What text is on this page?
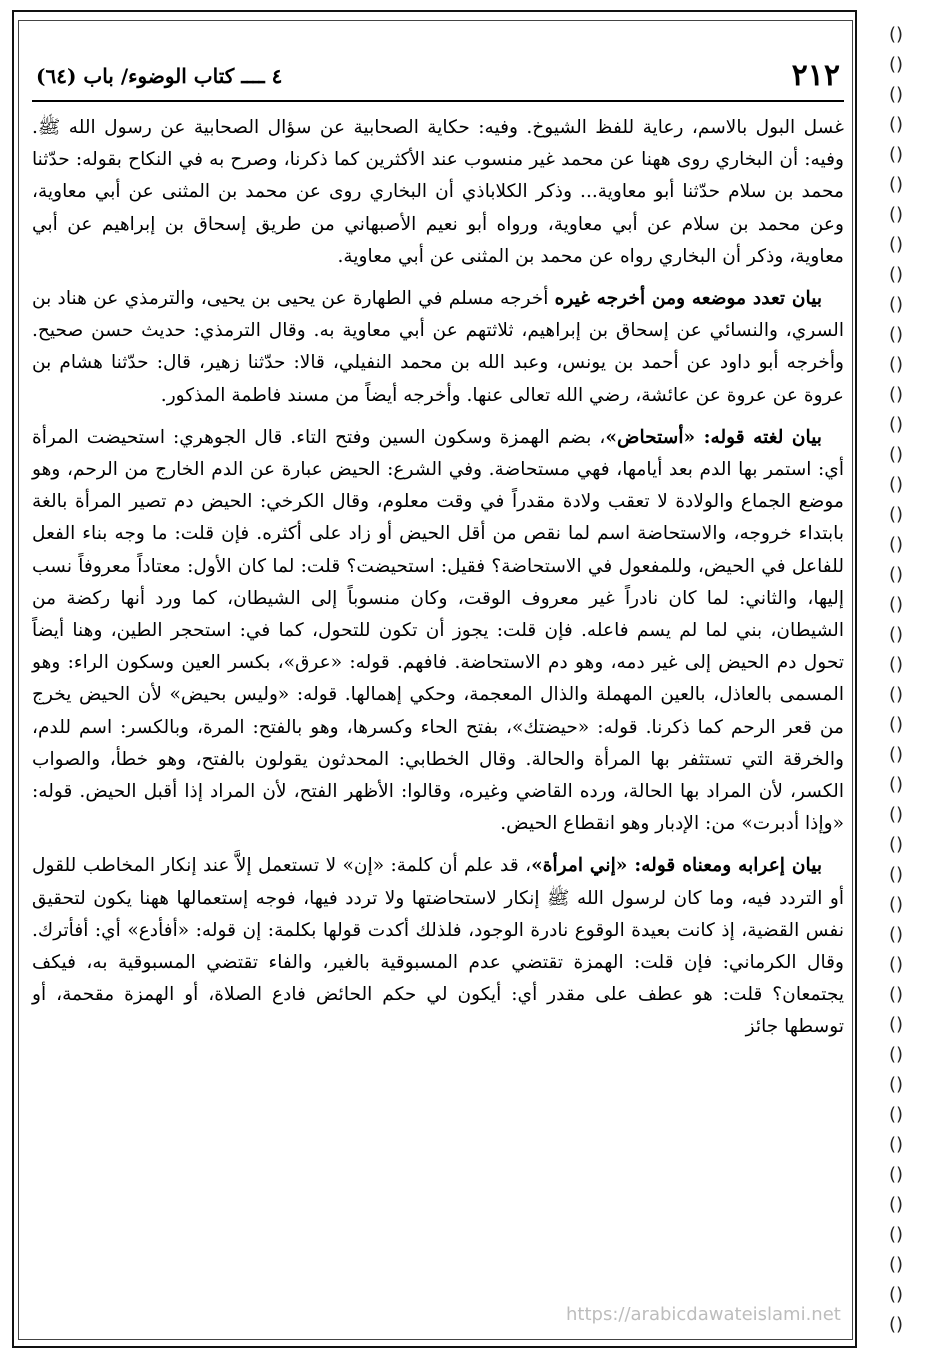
()
()
()
()
()
()
()
()
()
()
()
()
()
()
()
()
()
()
()
()
()
()
()
()
()
()
()
()
()
()
()
()
()
()
()
()
()
()
()
()
()
()
()
()
٢١٢
٤ ــــ كتاب الوضوء/ باب (٦٤)

غسل البول بالاسم، رعاية للفظ الشيوخ. وفيه: حكاية الصحابية عن سؤال الصحابية عن رسول الله ﷺ. وفيه: أن البخاري روى ههنا عن محمد غير منسوب عند الأكثرين كما ذكرنا، وصرح به في النكاح بقوله: حدّثنا محمد بن سلام حدّثنا أبو معاوية... وذكر الكلاباذي أن البخاري روى عن محمد بن المثنى عن أبي معاوية، وعن محمد بن سلام عن أبي معاوية، ورواه أبو نعيم الأصبهاني من طريق إسحاق بن إبراهيم عن أبي معاوية، وذكر أن البخاري رواه عن محمد بن المثنى عن أبي معاوية.

بيان تعدد موضعه ومن أخرجه غيره أخرجه مسلم في الطهارة عن يحيى بن يحيى، والترمذي عن هناد بن السري، والنسائي عن إسحاق بن إبراهيم، ثلاثتهم عن أبي معاوية به. وقال الترمذي: حديث حسن صحيح. وأخرجه أبو داود عن أحمد بن يونس، وعبد الله بن محمد النفيلي، قالا: حدّثنا زهير، قال: حدّثنا هشام بن عروة عن عروة عن عائشة، رضي الله تعالى عنها. وأخرجه أيضاً من مسند فاطمة المذكور.

بيان لغته قوله: «أستحاض»، بضم الهمزة وسكون السين وفتح التاء. قال الجوهري: استحيضت المرأة أي: استمر بها الدم بعد أيامها، فهي مستحاضة. وفي الشرع: الحيض عبارة عن الدم الخارج من الرحم، وهو موضع الجماع والولادة لا تعقب ولادة مقدراً في وقت معلوم، وقال الكرخي: الحيض دم تصير المرأة بالغة بابتداء خروجه، والاستحاضة اسم لما نقص من أقل الحيض أو زاد على أكثره. فإن قلت: ما وجه بناء الفعل للفاعل في الحيض، وللمفعول في الاستحاضة؟ فقيل: استحيضت؟ قلت: لما كان الأول: معتاداً معروفاً نسب إليها، والثاني: لما كان نادراً غير معروف الوقت، وكان منسوباً إلى الشيطان، كما ورد أنها ركضة من الشيطان، بني لما لم يسم فاعله. فإن قلت: يجوز أن تكون للتحول، كما في: استحجر الطين، وهنا أيضاً تحول دم الحيض إلى غير دمه، وهو دم الاستحاضة. فافهم. قوله: «عرق»، بكسر العين وسكون الراء: وهو المسمى بالعاذل، بالعين المهملة والذال المعجمة، وحكي إهمالها. قوله: «وليس بحيض» لأن الحيض يخرج من قعر الرحم كما ذكرنا. قوله: «حيضتك»، بفتح الحاء وكسرها، وهو بالفتح: المرة، وبالكسر: اسم للدم، والخرقة التي تستثفر بها المرأة والحالة. وقال الخطابي: المحدثون يقولون بالفتح، وهو خطأ، والصواب الكسر، لأن المراد بها الحالة، ورده القاضي وغيره، وقالوا: الأظهر الفتح، لأن المراد إذا أقبل الحيض. قوله: «وإذا أدبرت» من: الإدبار وهو انقطاع الحيض.

بيان إعرابه ومعناه قوله: «إني امرأة»، قد علم أن كلمة: «إن» لا تستعمل إلاَّ عند إنكار المخاطب للقول أو التردد فيه، وما كان لرسول الله ﷺ إنكار لاستحاضتها ولا تردد فيها، فوجه إستعمالها ههنا يكون لتحقيق نفس القضية، إذ كانت بعيدة الوقوع نادرة الوجود، فلذلك أكدت قولها بكلمة: إن قوله: «أفأدع» أي: أفأترك. وقال الكرماني: فإن قلت: الهمزة تقتضي عدم المسبوقية بالغير، والفاء تقتضي المسبوقية به، فيكف يجتمعان؟ قلت: هو عطف على مقدر أي: أيكون لي حكم الحائض فادع الصلاة، أو الهمزة مقحمة، أو توسطها جائز

https://arabicdawateislami.net
